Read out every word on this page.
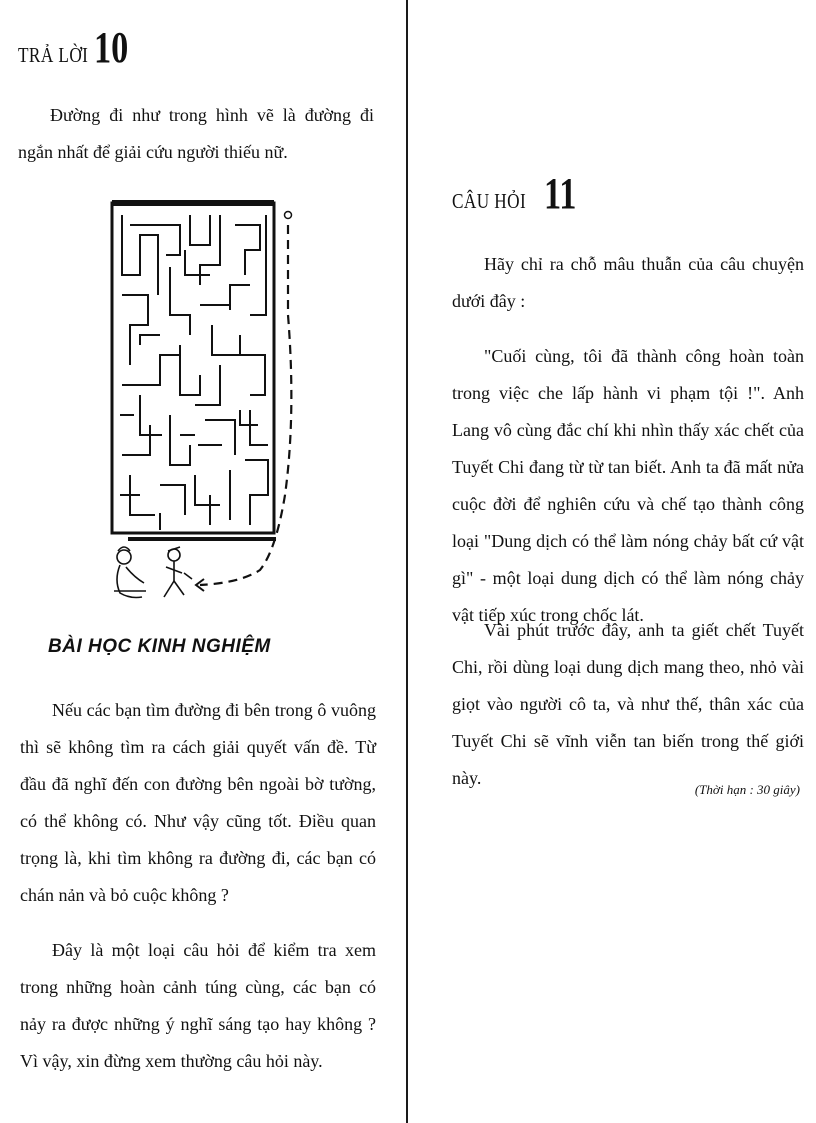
TRẢ LỜI 10

Đường đi như trong hình vẽ là đường đi ngắn nhất để giải cứu người thiếu nữ.

BÀI HỌC KINH NGHIỆM

Nếu các bạn tìm đường đi bên trong ô vuông thì sẽ không tìm ra cách giải quyết vấn đề. Từ đầu đã nghĩ đến con đường bên ngoài bờ tường, có thể không có. Như vậy cũng tốt. Điều quan trọng là, khi tìm không ra đường đi, các bạn có chán nản và bỏ cuộc không ?

Đây là một loại câu hỏi để kiểm tra xem trong những hoàn cảnh túng cùng, các bạn có nảy ra được những ý nghĩ sáng tạo hay không ? Vì vậy, xin đừng xem thường câu hỏi này.

CÂU HỎI 11

Hãy chỉ ra chỗ mâu thuẫn của câu chuyện dưới đây :

"Cuối cùng, tôi đã thành công hoàn toàn trong việc che lấp hành vi phạm tội !". Anh Lang vô cùng đắc chí khi nhìn thấy xác chết của Tuyết Chi đang từ từ tan biết. Anh ta đã mất nửa cuộc đời để nghiên cứu và chế tạo thành công loại "Dung dịch có thể làm nóng chảy bất cứ vật gì" - một loại dung dịch có thể làm nóng chảy vật tiếp xúc trong chốc lát.

Vài phút trước đây, anh ta giết chết Tuyết Chi, rồi dùng loại dung dịch mang theo, nhỏ vài giọt vào người cô ta, và như thế, thân xác của Tuyết Chi sẽ vĩnh viễn tan biến trong thế giới này.

(Thời hạn : 30 giây)
